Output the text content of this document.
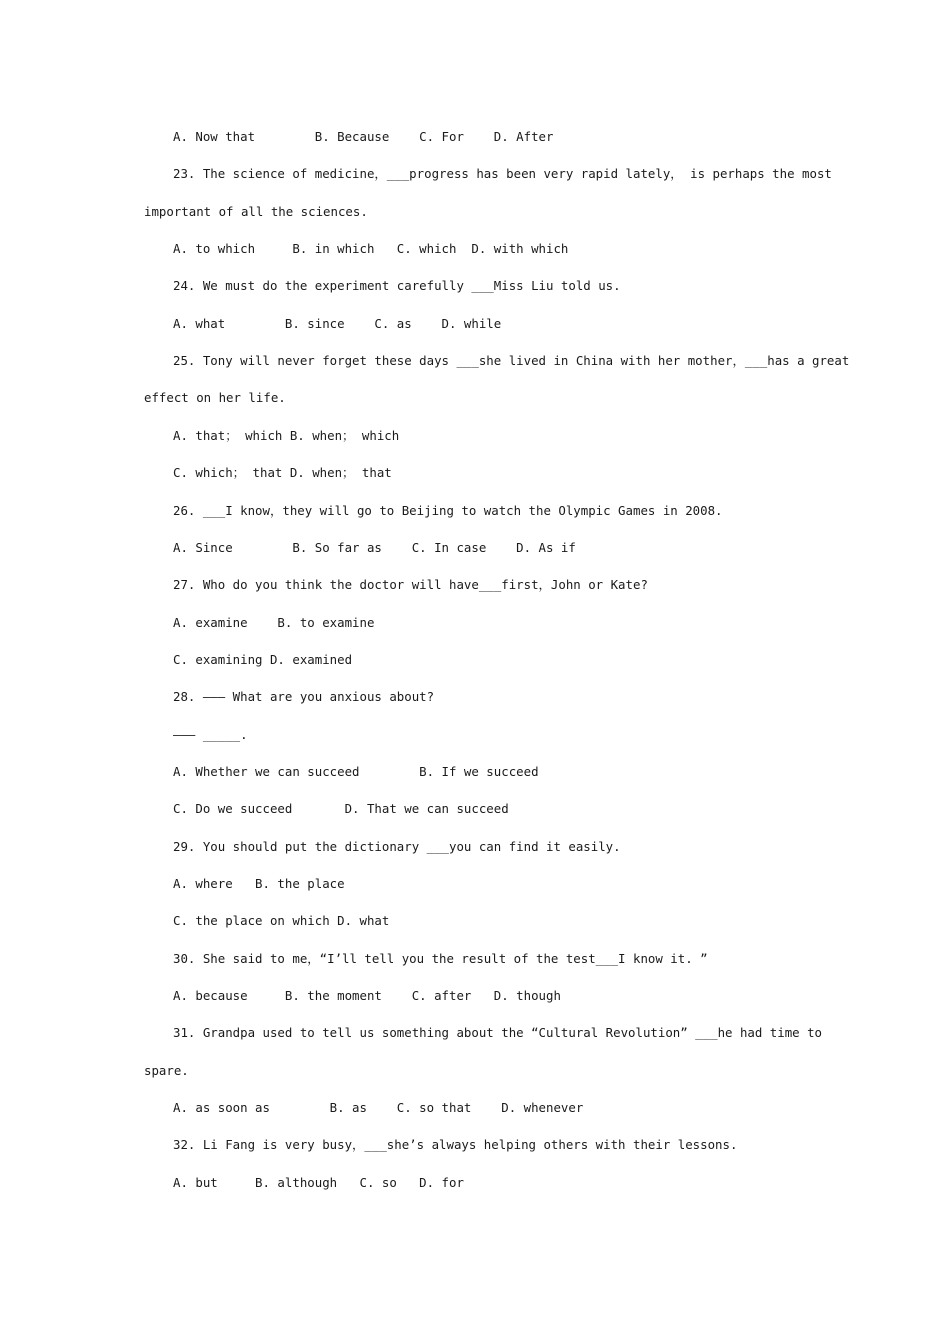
A. Now that        B. Because    C. For    D. After
23. The science of medicine，___progress has been very rapid lately， is perhaps the most
important of all the sciences.
A. to which     B. in which   C. which  D. with which
24. We must do the experiment carefully ___Miss Liu told us.
A. what        B. since    C. as    D. while
25. Tony will never forget these days ___she lived in China with her mother，___has a great
effect on her life.
A. that； which B. when； which
C. which； that D. when； that
26. ___I know，they will go to Beijing to watch the Olympic Games in 2008.
A. Since        B. So far as    C. In case    D. As if
27. Who do you think the doctor will have___first，John or Kate?
A. examine    B. to examine
C. examining D. examined
28. ——— What are you anxious about?
——— _____.
A. Whether we can succeed        B. If we succeed
C. Do we succeed       D. That we can succeed
29. You should put the dictionary ___you can find it easily.
A. where   B. the place
C. the place on which D. what
30. She said to me，“I’ll tell you the result of the test___I know it. ”
A. because     B. the moment    C. after   D. though
31. Grandpa used to tell us something about the “Cultural Revolution” ___he had time to
spare.
A. as soon as        B. as    C. so that    D. whenever
32. Li Fang is very busy，___she’s always helping others with their lessons.
A. but     B. although   C. so   D. for
